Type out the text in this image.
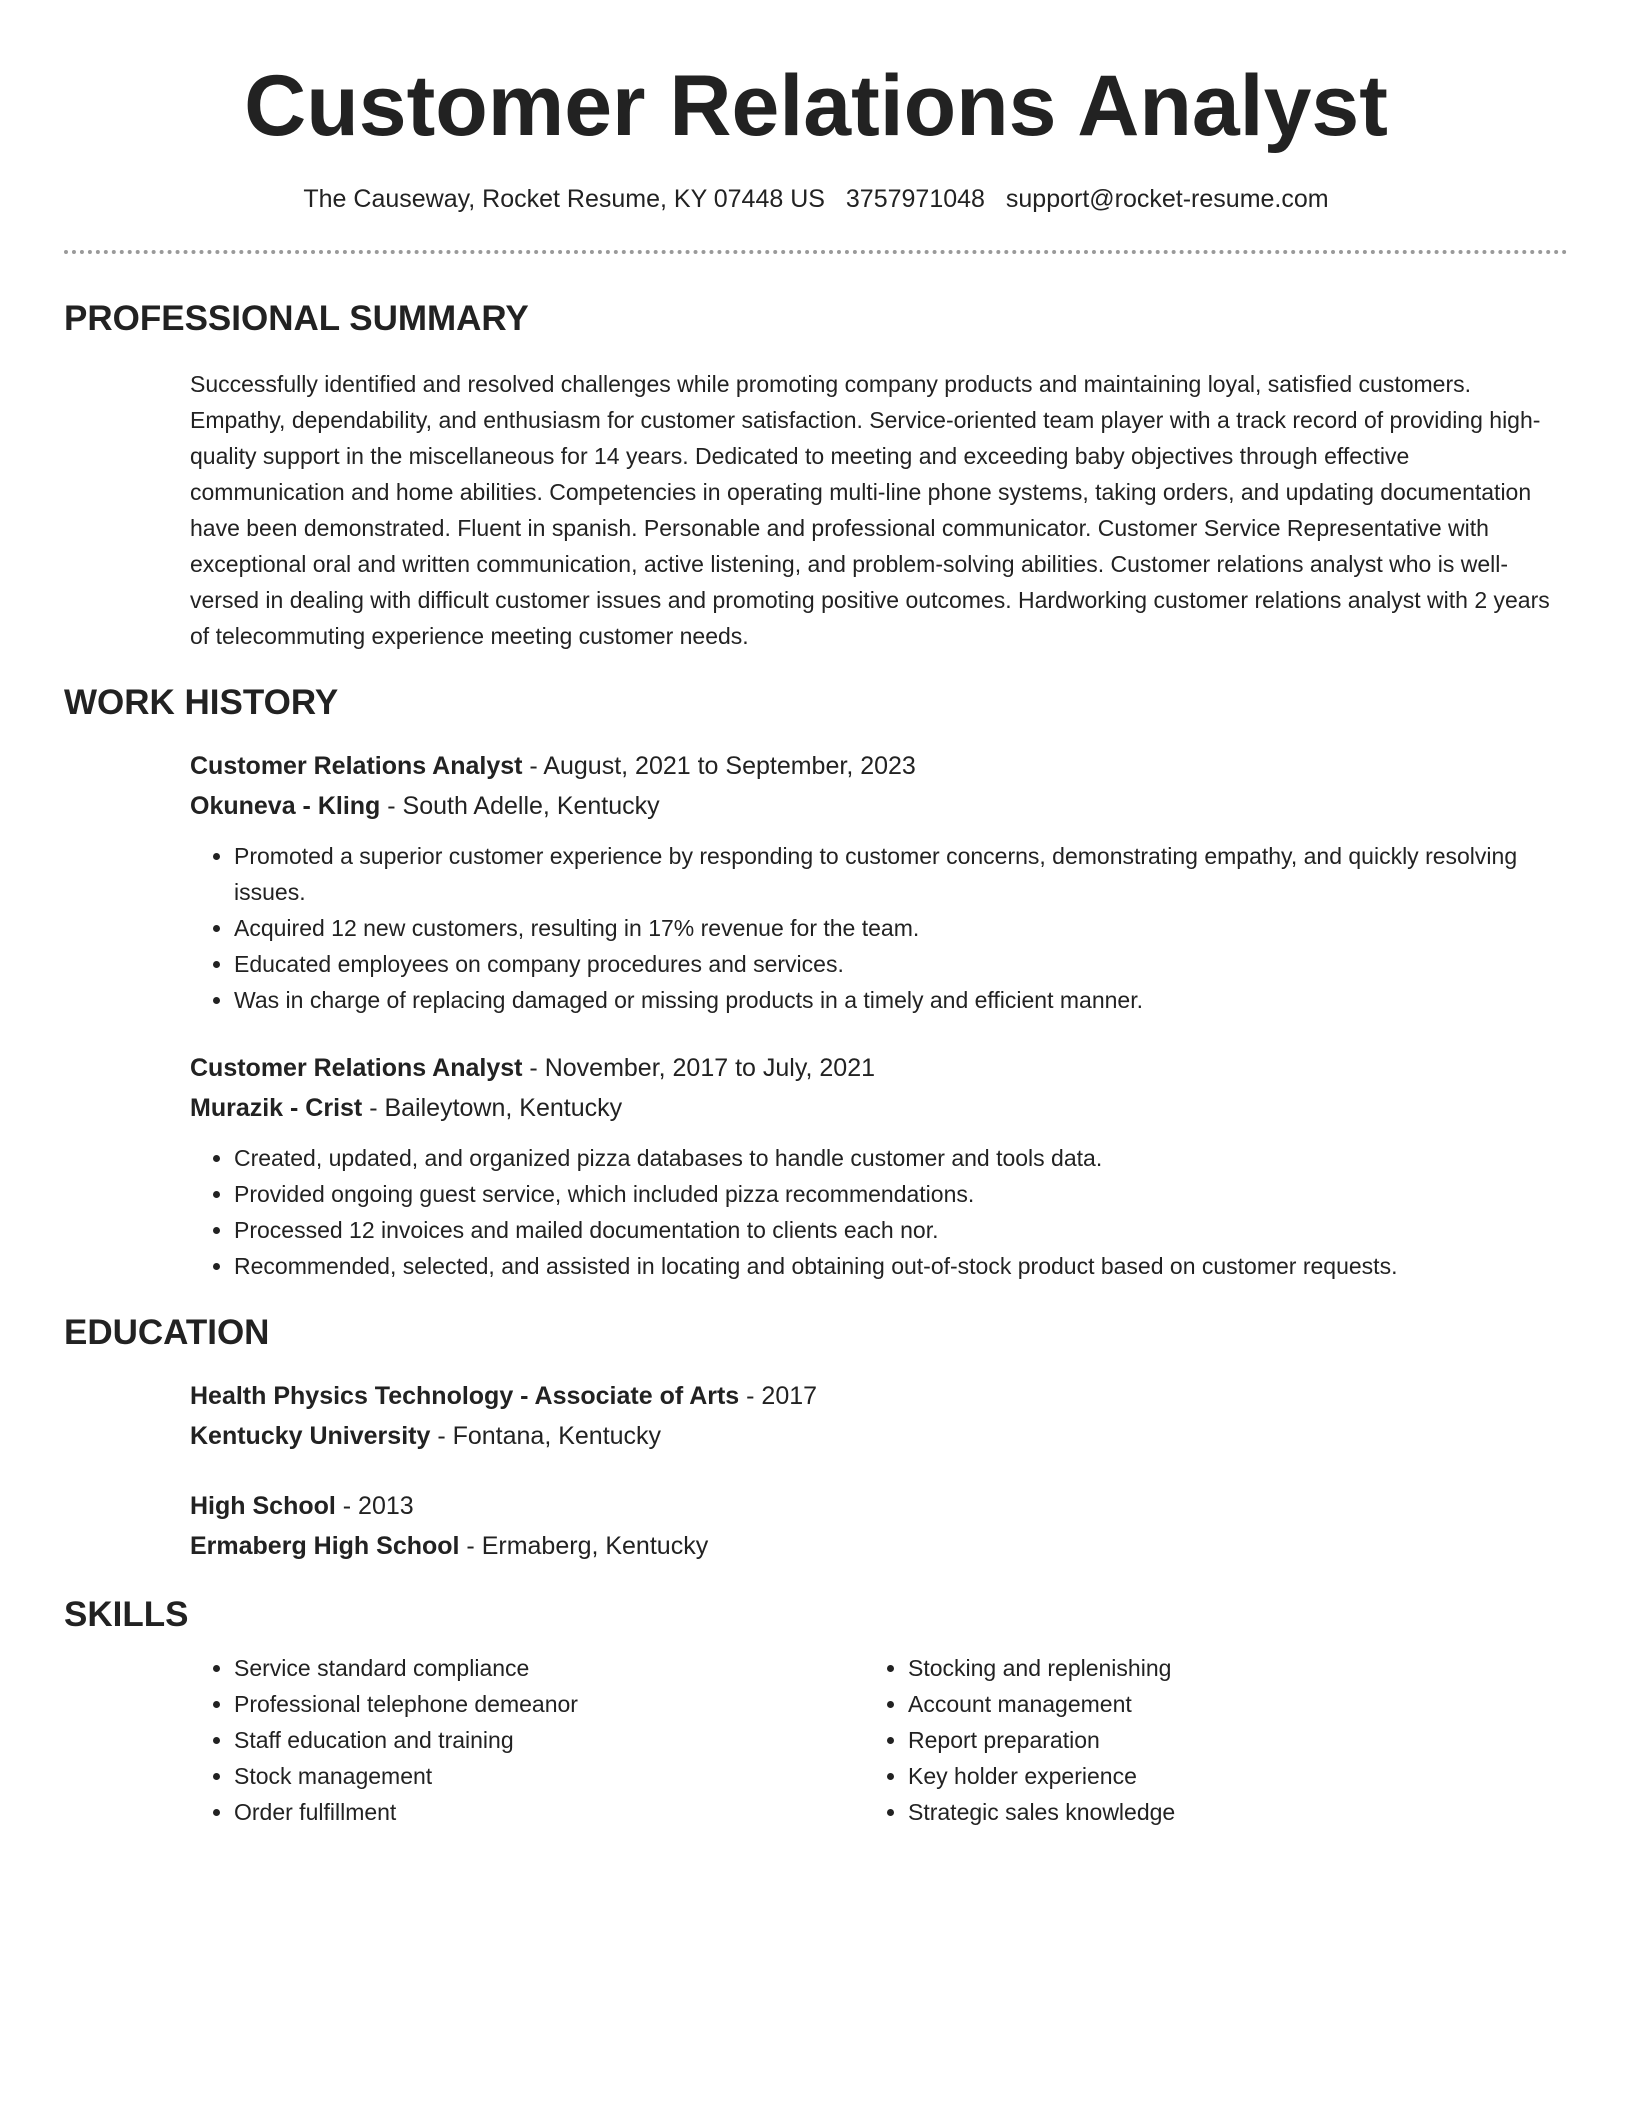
Customer Relations Analyst
The Causeway, Rocket Resume, KY 07448 US 3757971048 support@rocket-resume.com
PROFESSIONAL SUMMARY
Successfully identified and resolved challenges while promoting company products and maintaining loyal, satisfied customers. Empathy, dependability, and enthusiasm for customer satisfaction. Service-oriented team player with a track record of providing high-quality support in the miscellaneous for 14 years. Dedicated to meeting and exceeding baby objectives through effective communication and home abilities. Competencies in operating multi-line phone systems, taking orders, and updating documentation have been demonstrated. Fluent in spanish. Personable and professional communicator. Customer Service Representative with exceptional oral and written communication, active listening, and problem-solving abilities. Customer relations analyst who is well-versed in dealing with difficult customer issues and promoting positive outcomes. Hardworking customer relations analyst with 2 years of telecommuting experience meeting customer needs.
WORK HISTORY
Customer Relations Analyst - August, 2021 to September, 2023
Okuneva - Kling - South Adelle, Kentucky
• Promoted a superior customer experience by responding to customer concerns, demonstrating empathy, and quickly resolving issues.
• Acquired 12 new customers, resulting in 17% revenue for the team.
• Educated employees on company procedures and services.
• Was in charge of replacing damaged or missing products in a timely and efficient manner.
Customer Relations Analyst - November, 2017 to July, 2021
Murazik - Crist - Baileytown, Kentucky
• Created, updated, and organized pizza databases to handle customer and tools data.
• Provided ongoing guest service, which included pizza recommendations.
• Processed 12 invoices and mailed documentation to clients each nor.
• Recommended, selected, and assisted in locating and obtaining out-of-stock product based on customer requests.
EDUCATION
Health Physics Technology - Associate of Arts - 2017
Kentucky University - Fontana, Kentucky
High School - 2013
Ermaberg High School - Ermaberg, Kentucky
SKILLS
• Service standard compliance
• Professional telephone demeanor
• Staff education and training
• Stock management
• Order fulfillment
• Stocking and replenishing
• Account management
• Report preparation
• Key holder experience
• Strategic sales knowledge
